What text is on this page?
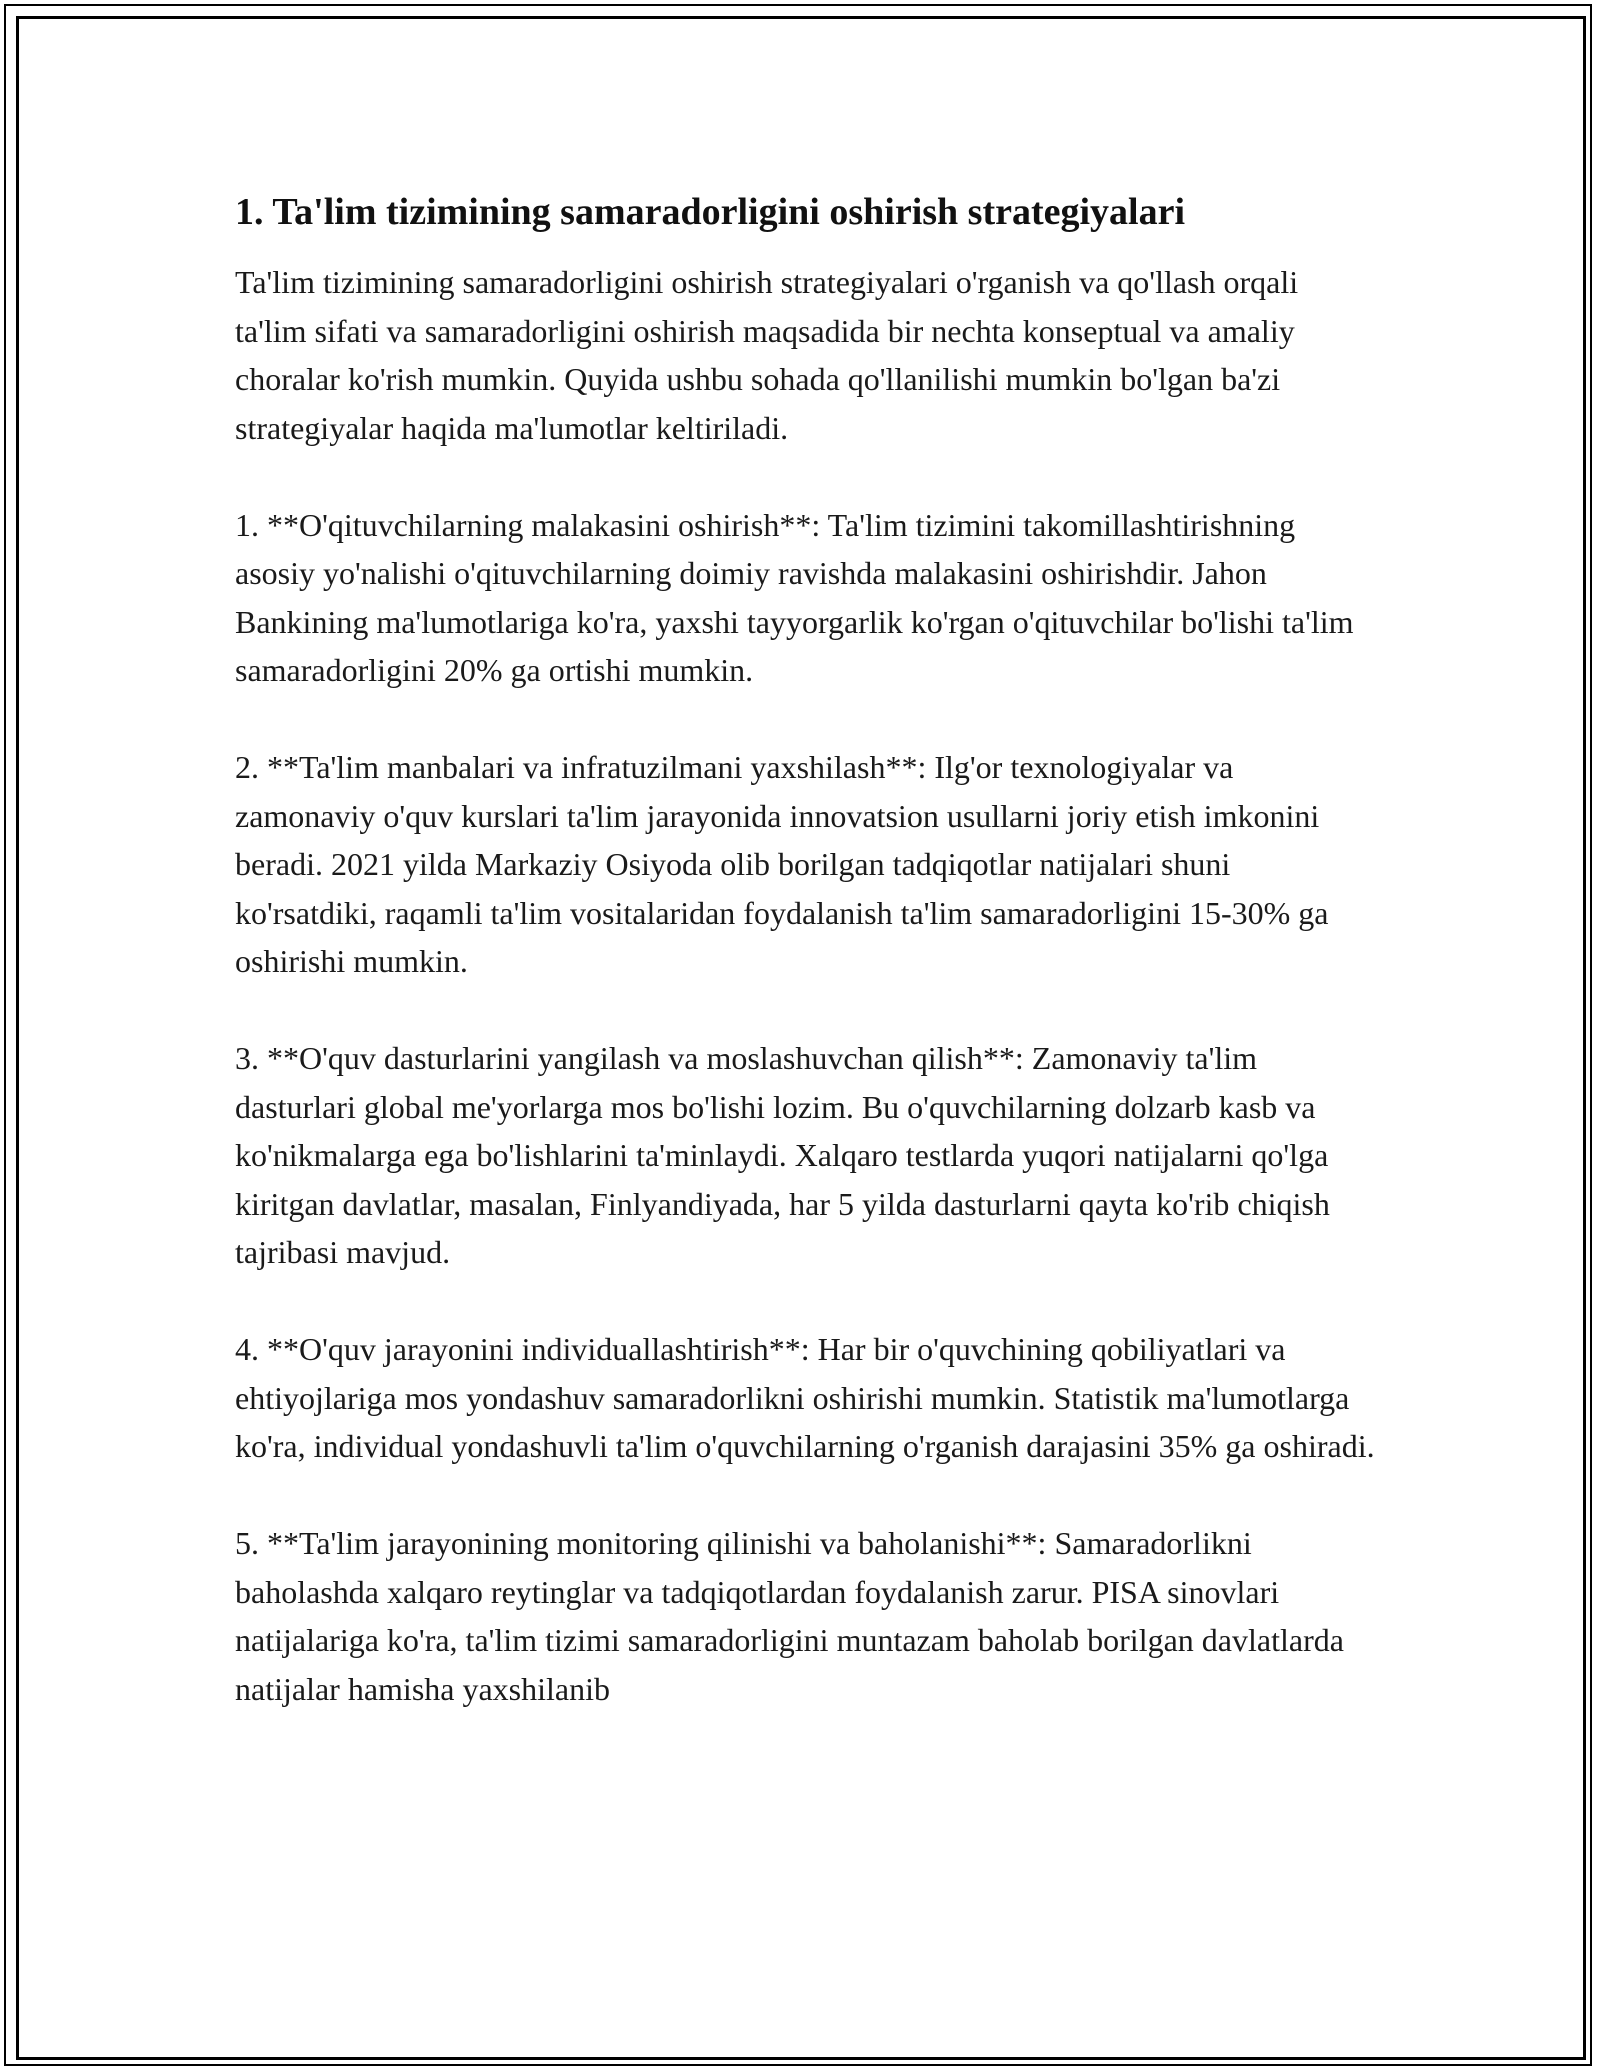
1. Ta'lim tizimining samaradorligini oshirish strategiyalari

Ta'lim tizimining samaradorligini oshirish strategiyalari o'rganish va qo'llash orqali ta'lim sifati va samaradorligini oshirish maqsadida bir nechta konseptual va amaliy choralar ko'rish mumkin. Quyida ushbu sohada qo'llanilishi mumkin bo'lgan ba'zi strategiyalar haqida ma'lumotlar keltiriladi.

1. **O'qituvchilarning malakasini oshirish**: Ta'lim tizimini takomillashtirishning asosiy yo'nalishi o'qituvchilarning doimiy ravishda malakasini oshirishdir. Jahon Bankining ma'lumotlariga ko'ra, yaxshi tayyorgarlik ko'rgan o'qituvchilar bo'lishi ta'lim samaradorligini 20% ga ortishi mumkin.

2. **Ta'lim manbalari va infratuzilmani yaxshilash**: Ilg'or texnologiyalar va zamonaviy o'quv kurslari ta'lim jarayonida innovatsion usullarni joriy etish imkonini beradi. 2021 yilda Markaziy Osiyoda olib borilgan tadqiqotlar natijalari shuni ko'rsatdiki, raqamli ta'lim vositalaridan foydalanish ta'lim samaradorligini 15-30% ga oshirishi mumkin.

3. **O'quv dasturlarini yangilash va moslashuvchan qilish**: Zamonaviy ta'lim dasturlari global me'yorlarga mos bo'lishi lozim. Bu o'quvchilarning dolzarb kasb va ko'nikmalarga ega bo'lishlarini ta'minlaydi. Xalqaro testlarda yuqori natijalarni qo'lga kiritgan davlatlar, masalan, Finlyandiyada, har 5 yilda dasturlarni qayta ko'rib chiqish tajribasi mavjud.

4. **O'quv jarayonini individuallashtirish**: Har bir o'quvchining qobiliyatlari va ehtiyojlariga mos yondashuv samaradorlikni oshirishi mumkin. Statistik ma'lumotlarga ko'ra, individual yondashuvli ta'lim o'quvchilarning o'rganish darajasini 35% ga oshiradi.

5. **Ta'lim jarayonining monitoring qilinishi va baholanishi**: Samaradorlikni baholashda xalqaro reytinglar va tadqiqotlardan foydalanish zarur. PISA sinovlari natijalariga ko'ra, ta'lim tizimi samaradorligini muntazam baholab borilgan davlatlarda natijalar hamisha yaxshilanib
